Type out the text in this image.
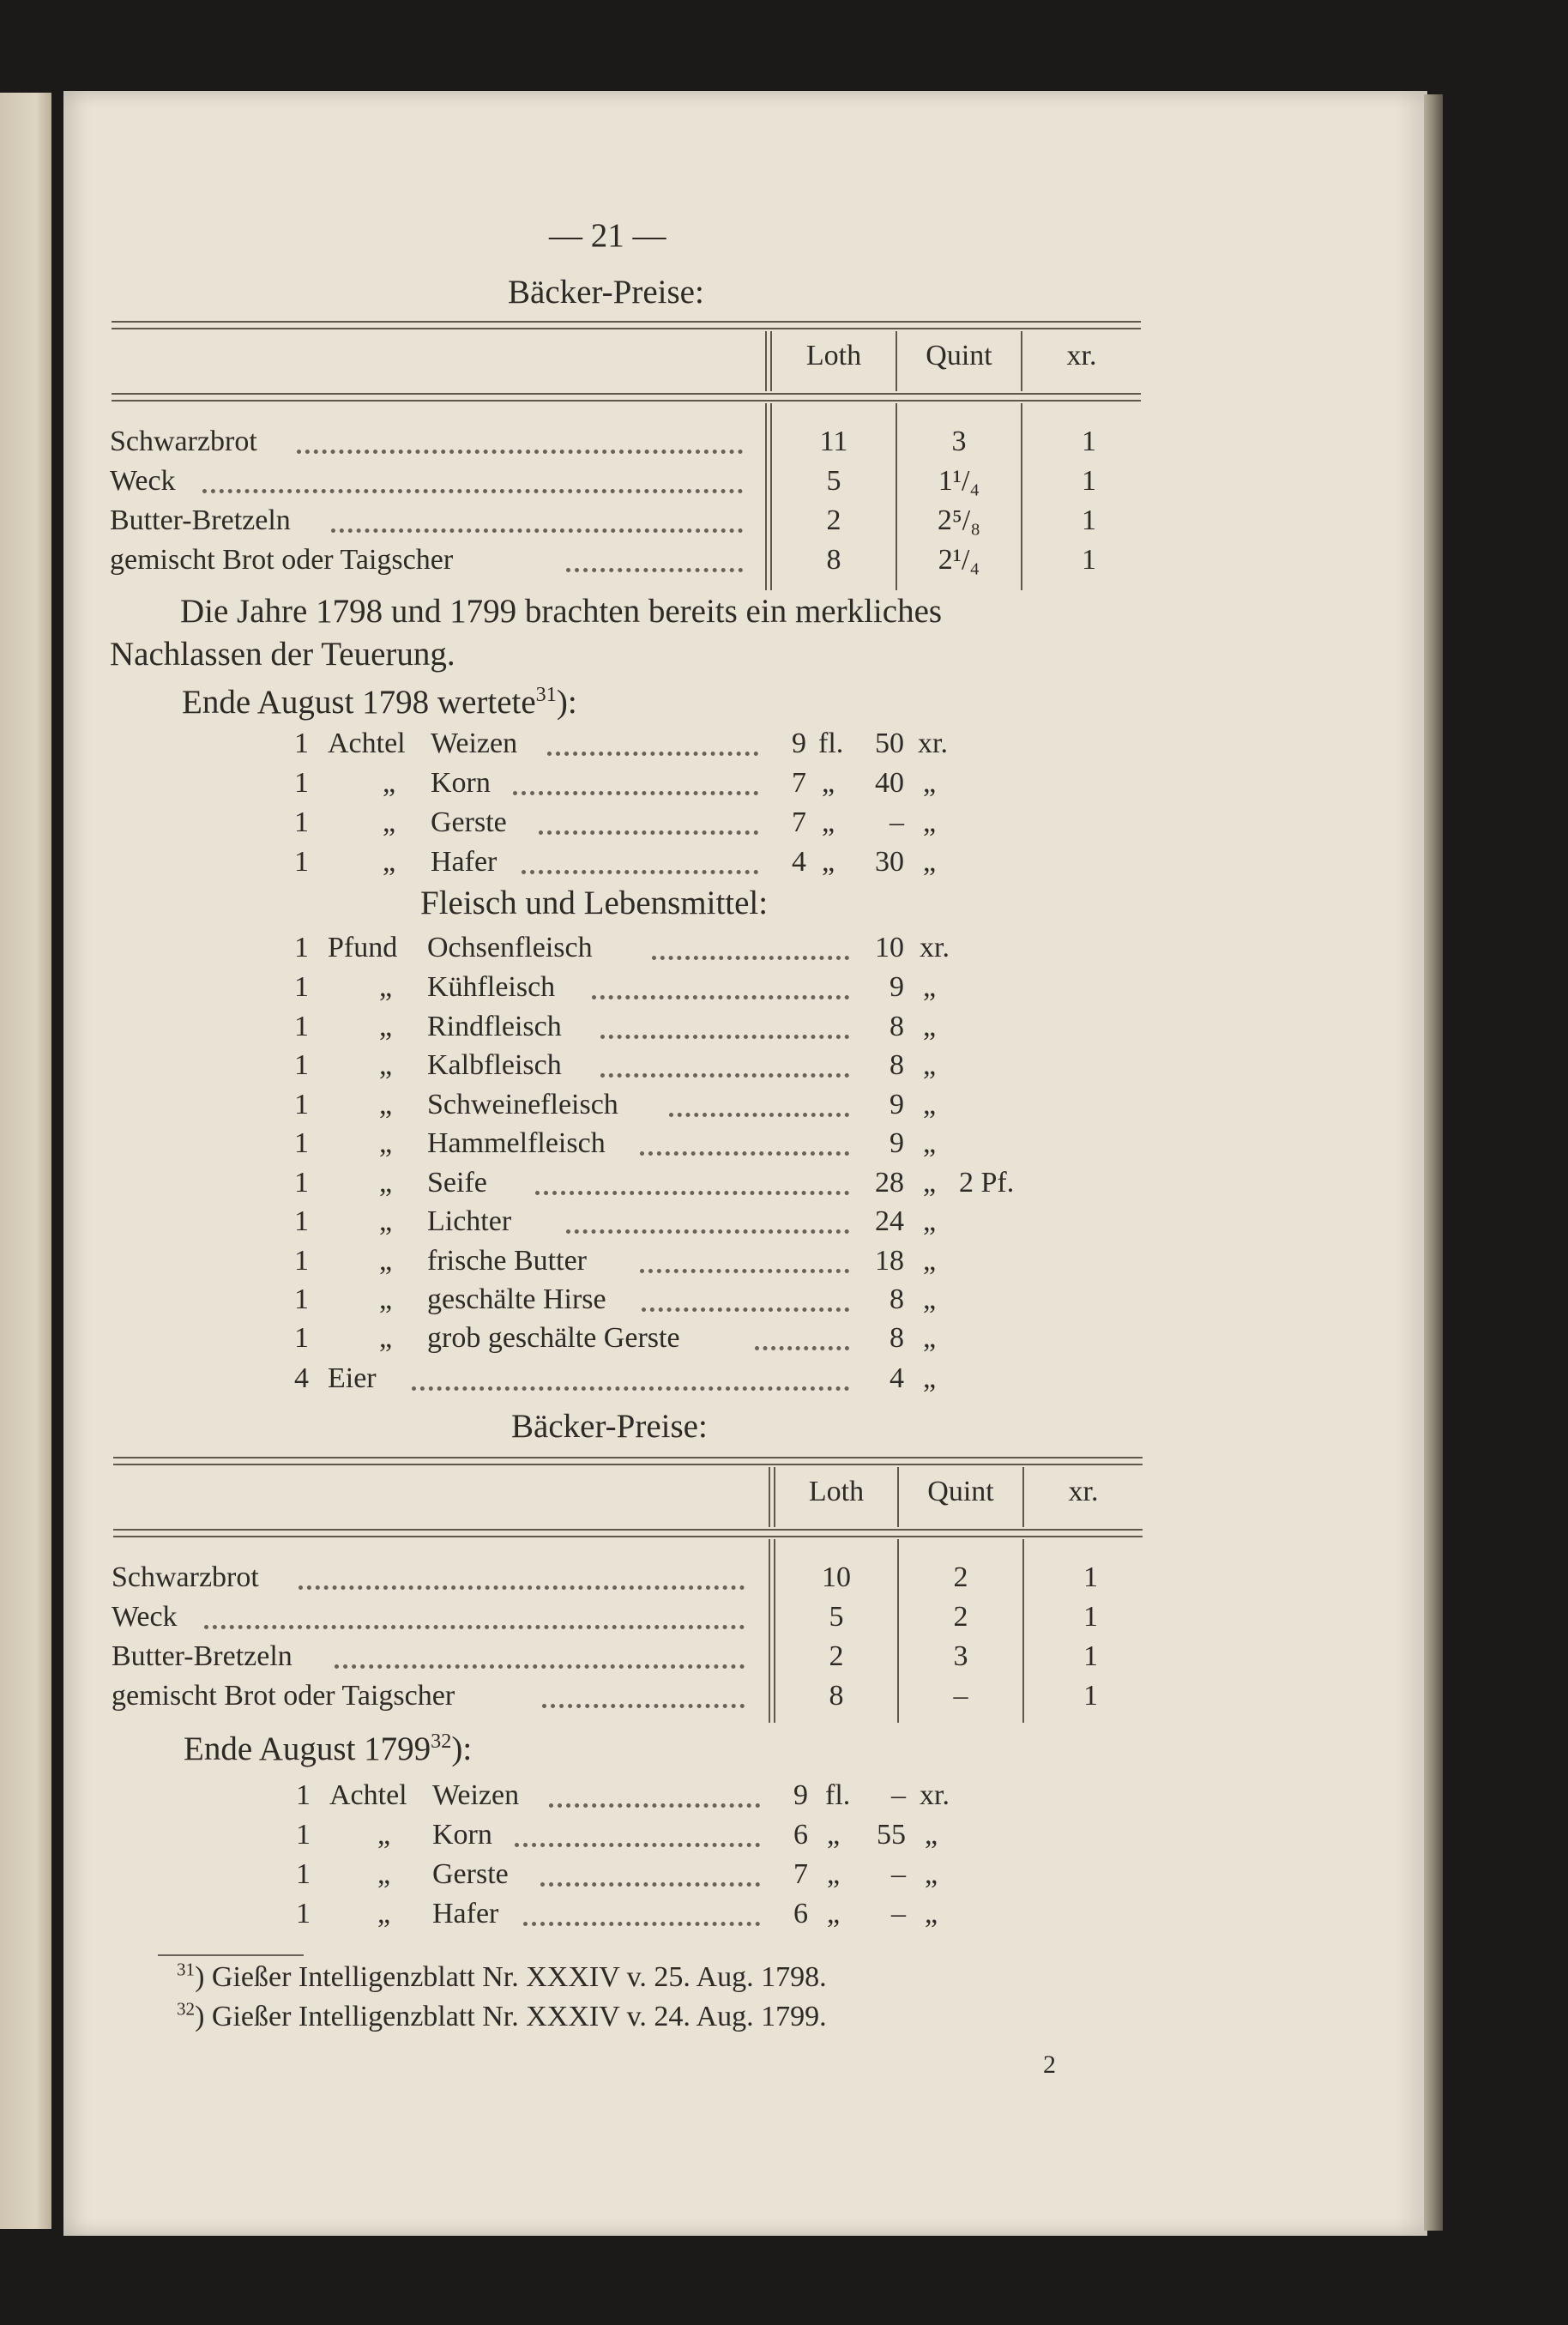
— 21 —
Bäcker-Preise:
Loth	Quint	xr.
Schwarzbrot	11	3	1
Weck	5	1¹/₄	1
Butter-Bretzeln	2	2⁵/₈	1
gemischt Brot oder Taigscher	8	2¹/₄	1
Die Jahre 1798 und 1799 brachten bereits ein merkliches
Nachlassen der Teuerung.
Ende August 1798 wertete$^{31}$):
1 Achtel Weizen	9 fl.	50 xr.
1	„ Korn	7 „	40 „
1	„ Gerste	7 „	– „
1	„ Hafer	4 „	30 „
Fleisch und Lebensmittel:
1 Pfund Ochsenfleisch	10 xr.
1 „ Kühfleisch	9 „
1 „ Rindfleisch	8 „
1 „ Kalbfleisch	8 „
1 „ Schweinefleisch	9 „
1 „ Hammelfleisch	9 „
1 „ Seife	28 „ 2 Pf.
1 „ Lichter	24 „
1 „ frische Butter	18 „
1 „ geschälte Hirse	8 „
1 „ grob geschälte Gerste	8 „
4 Eier	4 „
Bäcker-Preise:
Loth	Quint	xr.
Schwarzbrot	10	2	1
Weck	5	2	1
Butter-Bretzeln	2	3	1
gemischt Brot oder Taigscher	8	–	1
Ende August 1799$^{32}$):
1 Achtel Weizen	9 fl.	– xr.
1 „ Korn	6 „	55 „
1 „ Gerste	7 „	– „
1 „ Hafer	6 „	– „
$^{31}$) Gießer Intelligenzblatt Nr. XXXIV v. 25. Aug. 1798.
$^{32}$) Gießer Intelligenzblatt Nr. XXXIV v. 24. Aug. 1799.
2
